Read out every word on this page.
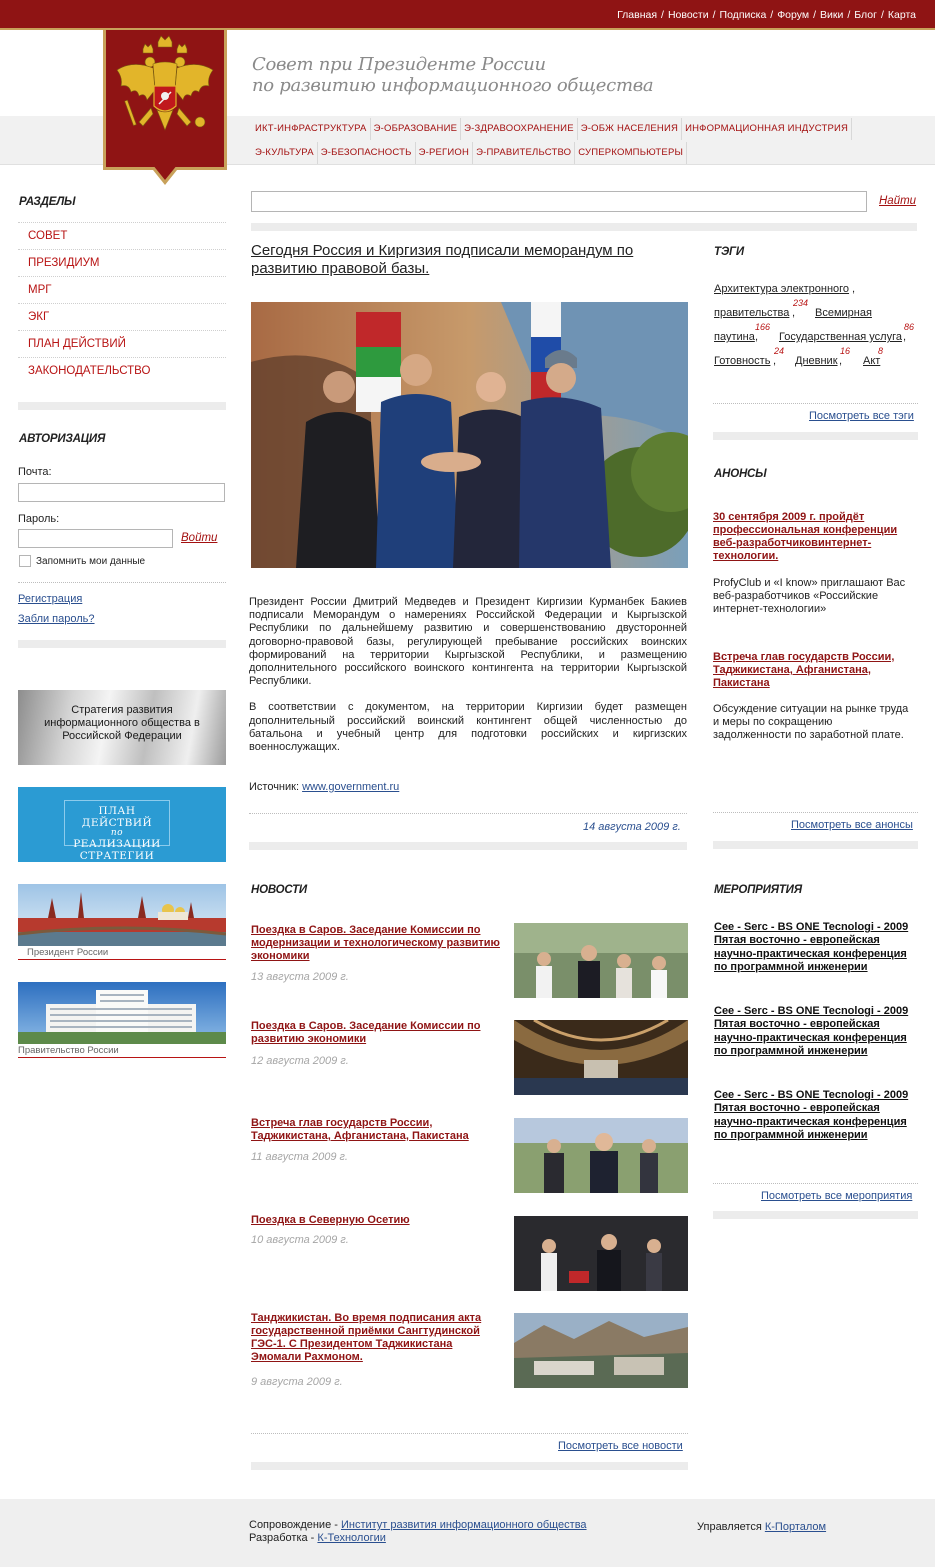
Главная / Новости / Подписка / Форум / Вики / Блог / Карта
Совет при Президенте России
по развитию информационного общества
ИКТ-ИНФРАСТРУКТУРА Э-ОБРАЗОВАНИЕ Э-ЗДРАВООХРАНЕНИЕ Э-ОБЖ НАСЕЛЕНИЯ ИНФОРМАЦИОННАЯ ИНДУСТРИЯ
Э-КУЛЬТУРА Э-БЕЗОПАСНОСТЬ Э-РЕГИОН Э-ПРАВИТЕЛЬСТВО СУПЕРКОМПЬЮТЕРЫ
РАЗДЕЛЫ
СОВЕТ
ПРЕЗИДИУМ
МРГ
ЭКГ
ПЛАН ДЕЙСТВИЙ
ЗАКОНОДАТЕЛЬСТВО
АВТОРИЗАЦИЯ
Почта:
Пароль:
Войти
Запомнить мои данные
Регистрация
Забли пароль?
Стратегия развития информационного общества в Российской Федерации
ПЛАН ДЕЙСТВИЙ
по
РЕАЛИЗАЦИИ
СТРАТЕГИИ
Президент России
Правительство России
Найти
Сегодня Россия и Киргизия подписали меморандум по развитию правовой базы.

Президент России Дмитрий Медведев и Президент Киргизии Курманбек Бакиев подписали Меморандум о намерениях Российской Федерации и Кыргызской Республики по дальнейшему развитию и совершенствованию двусторонней договорно-правовой базы, регулирующей пребывание российских воинских формирований на территории Кыргызской Республики, и размещению дополнительного российского воинского контингента на территории Кыргызской Республики.

В соответствии с документом, на территории Киргизии будет размещен дополнительный российский воинский контингент общей численностью до батальона и учебный центр для подготовки российских и киргизских военнослужащих.

Источник: www.government.ru
14 августа 2009 г.
НОВОСТИ
Поездка в Саров. Заседание Комиссии по модернизации и технологическому развитию экономики
13 августа 2009 г.
Поездка в Саров. Заседание Комиссии по развитию экономики
12 августа 2009 г.
Встреча глав государств России, Таджикистана, Афганистана, Пакистана
11 августа 2009 г.
Поездка в Северную Осетию
10 августа 2009 г.
Танджикистан. Во время подписания акта государственной приёмки Сангтудинской ГЭС-1. С Президентом Таджикистана Эмомали Рахмоном.
9 августа 2009 г.
Посмотреть все новости
ТЭГИ
Архитектура электронного ,
234
правительства , Всемирная
166	86
паутина , Государственная услуга ,
24	16	8
Готовность , Дневник , Акт
Посмотреть все тэги
АНОНСЫ
30 сентября 2009 г. пройдёт профессиональная конференции веб-разработчиковинтернет-технологии.
ProfyClub и «I know» приглашают Вас веб-разработчиков «Российские интернет-технологии»
Встреча глав государств России, Таджикистана, Афганистана, Пакистана
Обсуждение ситуации на рынке труда и меры по сокращению задолженности по заработной плате.
Посмотреть все анонсы
МЕРОПРИЯТИЯ
Cee - Serc - BS ONE Tecnologi - 2009
Пятая восточно - европейская научно-практическая конференция по программной инженерии
Cee - Serc - BS ONE Tecnologi - 2009
Пятая восточно - европейская научно-практическая конференция по программной инженерии
Cee - Serc - BS ONE Tecnologi - 2009
Пятая восточно - европейская научно-практическая конференция по программной инженерии
Посмотреть все мероприятия
Сопровождение - Институт развития информационного общества
Разработка - К-Технологии
Управляется К-Порталом
